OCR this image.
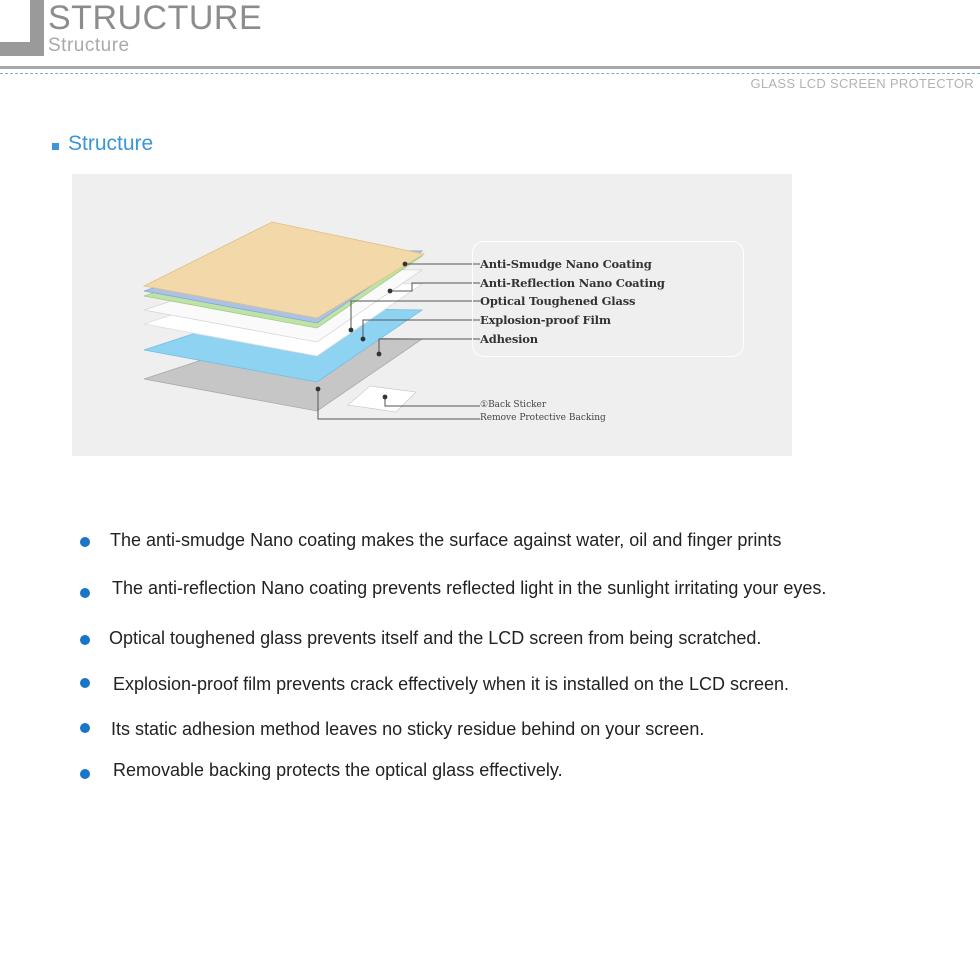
STRUCTURE
Structure
GLASS LCD SCREEN PROTECTOR
Structure
Anti-Smudge Nano Coating
Anti-Reflection Nano Coating
Optical Toughened Glass
Explosion-proof Film
Adhesion
①Back Sticker
Remove Protective Backing
The anti-smudge Nano coating makes the surface against water, oil and finger prints
The anti-reflection Nano coating prevents reflected light in the sunlight irritating your eyes.
Optical toughened glass prevents itself and the LCD screen from being scratched.
Explosion-proof film prevents crack effectively when it is installed on the LCD screen.
Its static adhesion method leaves no sticky residue behind on your screen.
Removable backing protects the optical glass effectively.
